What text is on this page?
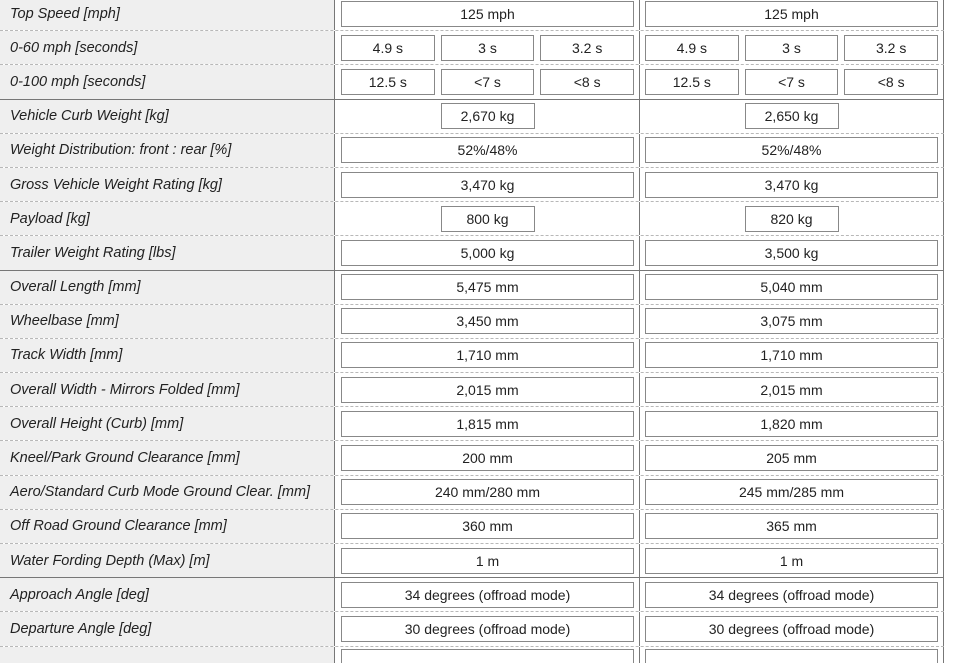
Top Speed [mph]	125 mph	125 mph
0-60 mph [seconds]	4.9 s	3 s	3.2 s	4.9 s	3 s	3.2 s
0-100 mph [seconds]	12.5 s	<7 s	<8 s	12.5 s	<7 s	<8 s
Vehicle Curb Weight [kg]	2,670 kg	2,650 kg
Weight Distribution: front : rear [%]	52%/48%	52%/48%
Gross Vehicle Weight Rating [kg]	3,470 kg	3,470 kg
Payload [kg]	800 kg	820 kg
Trailer Weight Rating [lbs]	5,000 kg	3,500 kg
Overall Length [mm]	5,475 mm	5,040 mm
Wheelbase [mm]	3,450 mm	3,075 mm
Track Width [mm]	1,710 mm	1,710 mm
Overall Width - Mirrors Folded [mm]	2,015 mm	2,015 mm
Overall Height (Curb) [mm]	1,815 mm	1,820 mm
Kneel/Park Ground Clearance [mm]	200 mm	205 mm
Aero/Standard Curb Mode Ground Clear. [mm]	240 mm/280 mm	245 mm/285 mm
Off Road Ground Clearance [mm]	360 mm	365 mm
Water Fording Depth (Max) [m]	1 m	1 m
Approach Angle [deg]	34 degrees (offroad mode)	34 degrees (offroad mode)
Departure Angle [deg]	30 degrees (offroad mode)	30 degrees (offroad mode)
